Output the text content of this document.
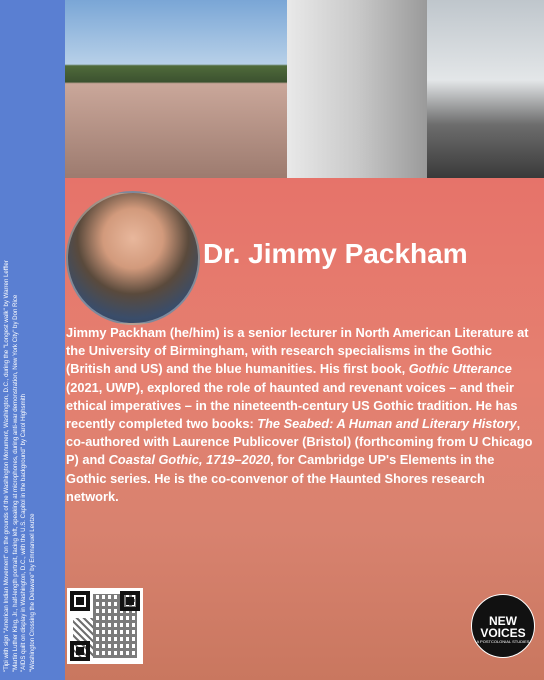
"Tipi with sign "American Indian Movement" on the grounds of the Washington Monument, Washington, D.C., during the "Longest walk" by Warren Leffler "Martin Luther King, Jr., half-length portrait, facing left, speaking at microphones, during anti-war demonstration, New York City" by Don Rice "AIDS quilt on display in Washington, D.C., with the U.S. Capitol in the background" by Carol Highsmith "Washington Crossing the Delaware" by Emmanuel Leutze
Dr. Jimmy Packham

Jimmy Packham (he/him) is a senior lecturer in North American Literature at the University of Birmingham, with research specialisms in the Gothic (British and US) and the blue humanities. His first book, Gothic Utterance (2021, UWP), explored the role of haunted and revenant voices – and their ethical imperatives – in the nineteenth-century US Gothic tradition. He has recently completed two books: The Seabed: A Human and Literary History, co-authored with Laurence Publicover (Bristol) (forthcoming from U Chicago P) and Coastal Gothic, 1719–2020, for Cambridge UP's Elements in the Gothic series. He is the co-convenor of the Haunted Shores research network.

NEW
VOICES
A POSTCOLONIAL STUDIES
